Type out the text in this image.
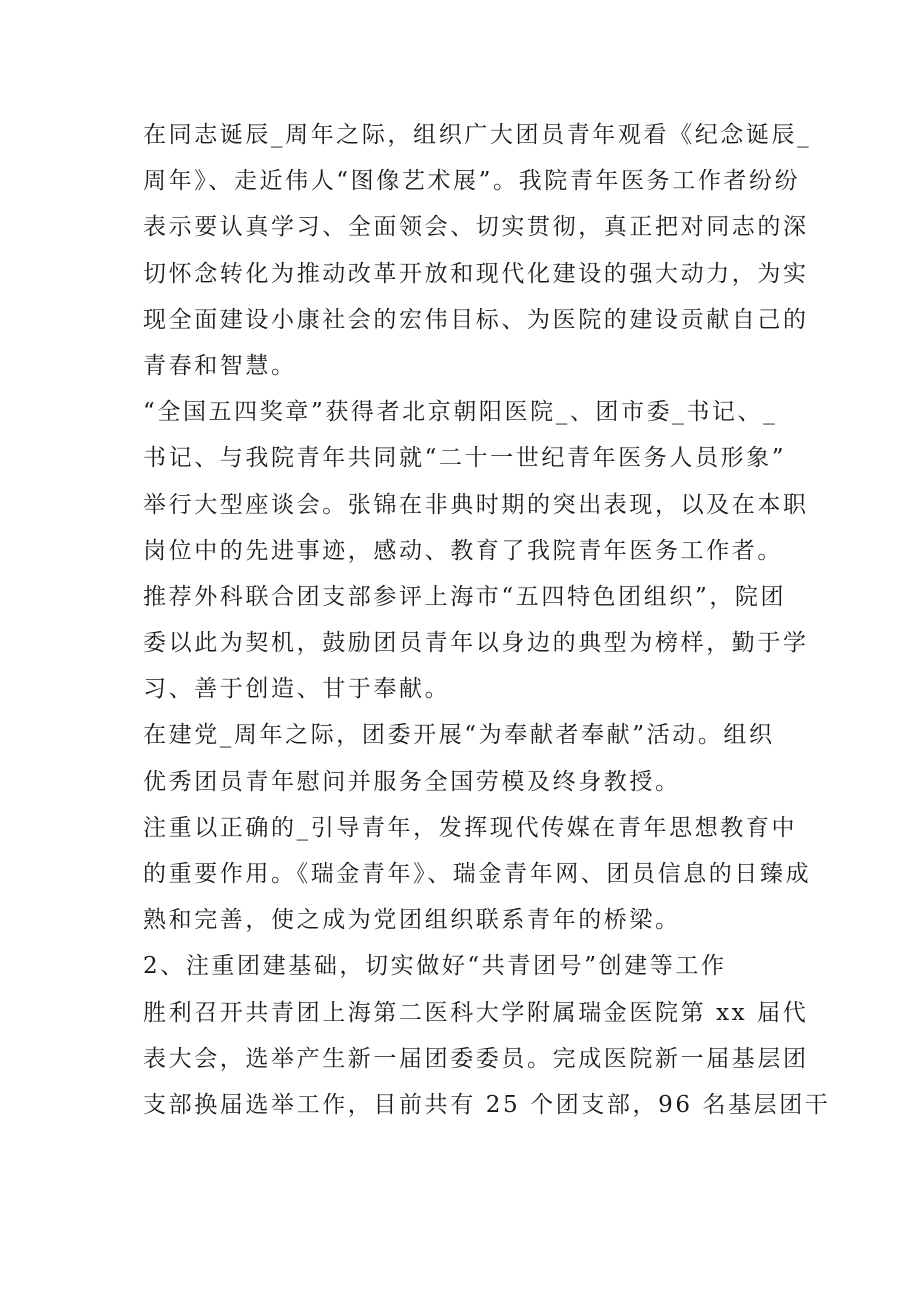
在同志诞辰_周年之际，组织广大团员青年观看《纪念诞辰_
周年》、走近伟人“图像艺术展”。我院青年医务工作者纷纷
表示要认真学习、全面领会、切实贯彻，真正把对同志的深
切怀念转化为推动改革开放和现代化建设的强大动力，为实
现全面建设小康社会的宏伟目标、为医院的建设贡献自己的
青春和智慧。
“全国五四奖章”获得者北京朝阳医院_、团市委_书记、_
书记、与我院青年共同就“二十一世纪青年医务人员形象”
举行大型座谈会。张锦在非典时期的突出表现，以及在本职
岗位中的先进事迹，感动、教育了我院青年医务工作者。
推荐外科联合团支部参评上海市“五四特色团组织”，院团
委以此为契机，鼓励团员青年以身边的典型为榜样，勤于学
习、善于创造、甘于奉献。
在建党_周年之际，团委开展“为奉献者奉献”活动。组织
优秀团员青年慰问并服务全国劳模及终身教授。
注重以正确的_引导青年，发挥现代传媒在青年思想教育中
的重要作用。《瑞金青年》、瑞金青年网、团员信息的日臻成
熟和完善，使之成为党团组织联系青年的桥梁。
2、注重团建基础，切实做好“共青团号”创建等工作
胜利召开共青团上海第二医科大学附属瑞金医院第 xx 届代
表大会，选举产生新一届团委委员。完成医院新一届基层团
支部换届选举工作，目前共有 25 个团支部，96 名基层团干
